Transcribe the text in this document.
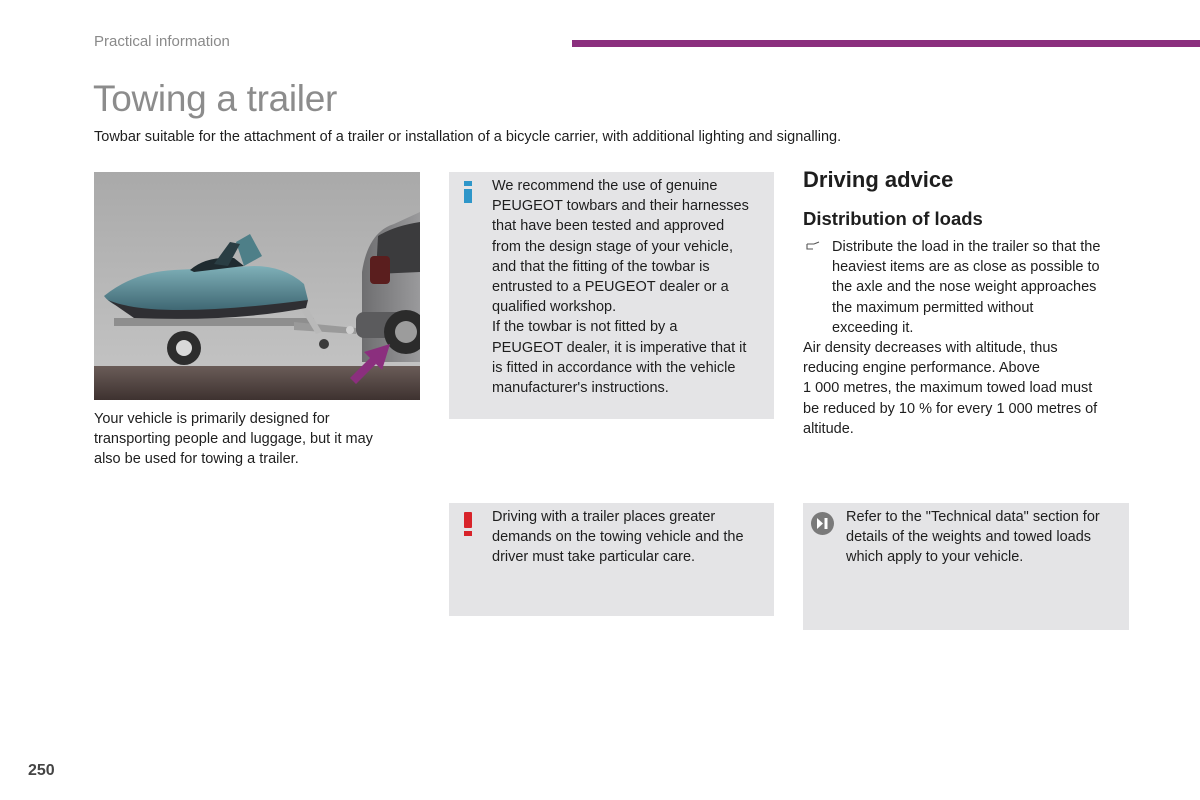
Practical information
Towing a trailer

Towbar suitable for the attachment of a trailer or installation of a bicycle carrier, with additional lighting and signalling.

Your vehicle is primarily designed for
transporting people and luggage, but it may
also be used for towing a trailer.

We recommend the use of genuine
PEUGEOT towbars and their harnesses
that have been tested and approved
from the design stage of your vehicle,
and that the fitting of the towbar is
entrusted to a PEUGEOT dealer or a
qualified workshop.
If the towbar is not fitted by a
PEUGEOT dealer, it is imperative that it
is fitted in accordance with the vehicle
manufacturer's instructions.

Driving with a trailer places greater
demands on the towing vehicle and the
driver must take particular care.

Driving advice
Distribution of loads

Distribute the load in the trailer so that the
heaviest items are as close as possible to
the axle and the nose weight approaches
the maximum permitted without
exceeding it.

Air density decreases with altitude, thus
reducing engine performance. Above
1 000 metres, the maximum towed load must
be reduced by 10 % for every 1 000 metres of
altitude.

Refer to the "Technical data" section for
details of the weights and towed loads
which apply to your vehicle.

250
